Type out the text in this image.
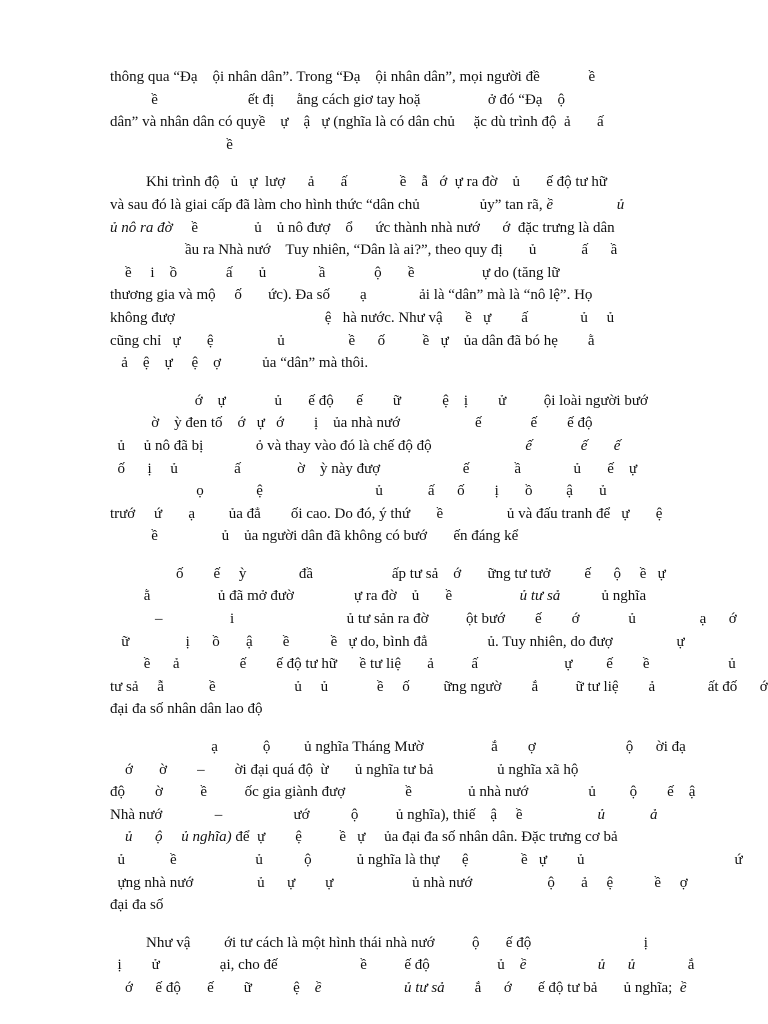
thông qua “Đạ    ội nhân dân”. Trong “Đạ    ội nhân dân”, mọi người đề             ề
ề                        ết đị      ằng cách giơ tay hoặ                  ở đó “Đạ    ộ
dân” và nhân dân có quyề    ự    ậ   ự (nghĩa là có dân chủ     ặc dù trình độ  ả       ấ
ề
Khi trình độ   ủ   ự  lượ      ả       ấ              ề    ẫ   ớ  ự ra đờ    ủ       ế độ tư hữ
và sau đó là giai cấp đã làm cho hình thức “dân chủ                ủy” tan rã, ề	ủ
ủ nô ra đờ     ề               ủ    ủ nô đượ    ổ      ức thành nhà nướ      ớ  đặc trưng là dân
ầu ra Nhà nướ    Tuy nhiên, “Dân là ai?”, theo quy đị       ủ            ấ      ầ
ề     i    ồ             ấ       ủ              ầ             ộ       ề                  ự do (tăng lữ
thương gia và mộ     ố       ức). Đa số        ạ              ải là “dân” mà là “nô lệ”. Họ
không đượ                                        ệ   hà nước. Như vậ      ề   ự        ấ              ủ     ủ
cũng chỉ   ự       ệ                 ủ                 ề      ố          ề   ự    ủa dân đã bó hẹ        ằ
ả    ệ    ự     ệ    ợ           ủa “dân” mà thôi.
ớ    ự             ủ       ế độ      ế        ữ           ệ    ị        ử          ội loài người bướ
ờ    ỳ đen tố    ớ   ự   ớ        ị    ủa nhà nướ                    ế             ế        ế độ
ủ     ủ nô đã bị              ỏ và thay vào đó là chế độ độ                         ế	ế ế
ố      ị     ủ               ấ               ờ    ỳ này đượ                      ế            ầ              ủ       ế    ự
ọ              ệ                              ủ            ấ      ố        ị       ồ         ậ       ủ
trướ     ứ       ạ         ủa đẳ        ối cao. Do đó, ý thứ       ề                 ủ và đấu tranh để   ự       ệ
ề                 ủ    ủa người dân đã không có bướ       ến đáng kể
ố        ế     ỳ              đầ                     ấp tư sả    ớ       ững tư tưở         ế      ộ     ề   ự
ằ                  ủ đã mở đườ                ự ra đờ    ủ       ề                  ủ tư sả           ủ nghĩa
–                  i                              ủ tư sản ra đờ          ột bướ        ế        ớ             ủ                 ạ      ớ
ữ               ị      ồ       ậ        ề           ề   ự do, bình đẳ                ủ. Tuy nhiên, do đượ                 ự
ề      ả                ế        ế độ tư hữ      ề tư liệ       ả          ấ                       ự         ế        ề                     ủ
tư sả     ẫ            ề                     ủ     ủ             ề     ố         ững ngườ        ắ          ữ tư liệ        ả              ất đố      ớ
đại đa số nhân dân lao độ
ạ            ộ         ủ nghĩa Tháng Mườ                  ắ        ợ                        ộ      ời đạ
ớ       ờ        –        ời đại quá độ  ừ       ủ nghĩa tư bả                 ủ nghĩa xã hộ
độ        ờ          ề          ốc gia giành đượ                ề               ủ nhà nướ                ủ         ộ        ế    ậ
Nhà nướ              –                   ướ           ộ          ủ nghĩa), thiế    ậ     ề                    ủ	ả
ủ      ộ     ủ nghĩa) để  ự        ệ          ề   ự     ủa đại đa số nhân dân. Đặc trưng cơ bả
ủ            ề                     ủ           ộ            ủ nghĩa là thự      ệ              ề   ự        ủ                                        ứ
ựng nhà nướ                 ủ      ự        ự                     ủ nhà nướ                    ộ       ả     ệ           ề     ợ
đại đa số
Như vậ         ới tư cách là một hình thái nhà nướ          ộ       ế độ                              ị
ị        ử                ại, cho đế                      ề          ế độ                  ủ    ề	ủ ủ              ắ
ớ      ế độ       ế        ữ           ệ    ề	ủ tư sả        ắ      ớ       ế độ tư bả       ủ nghĩa;  ề
